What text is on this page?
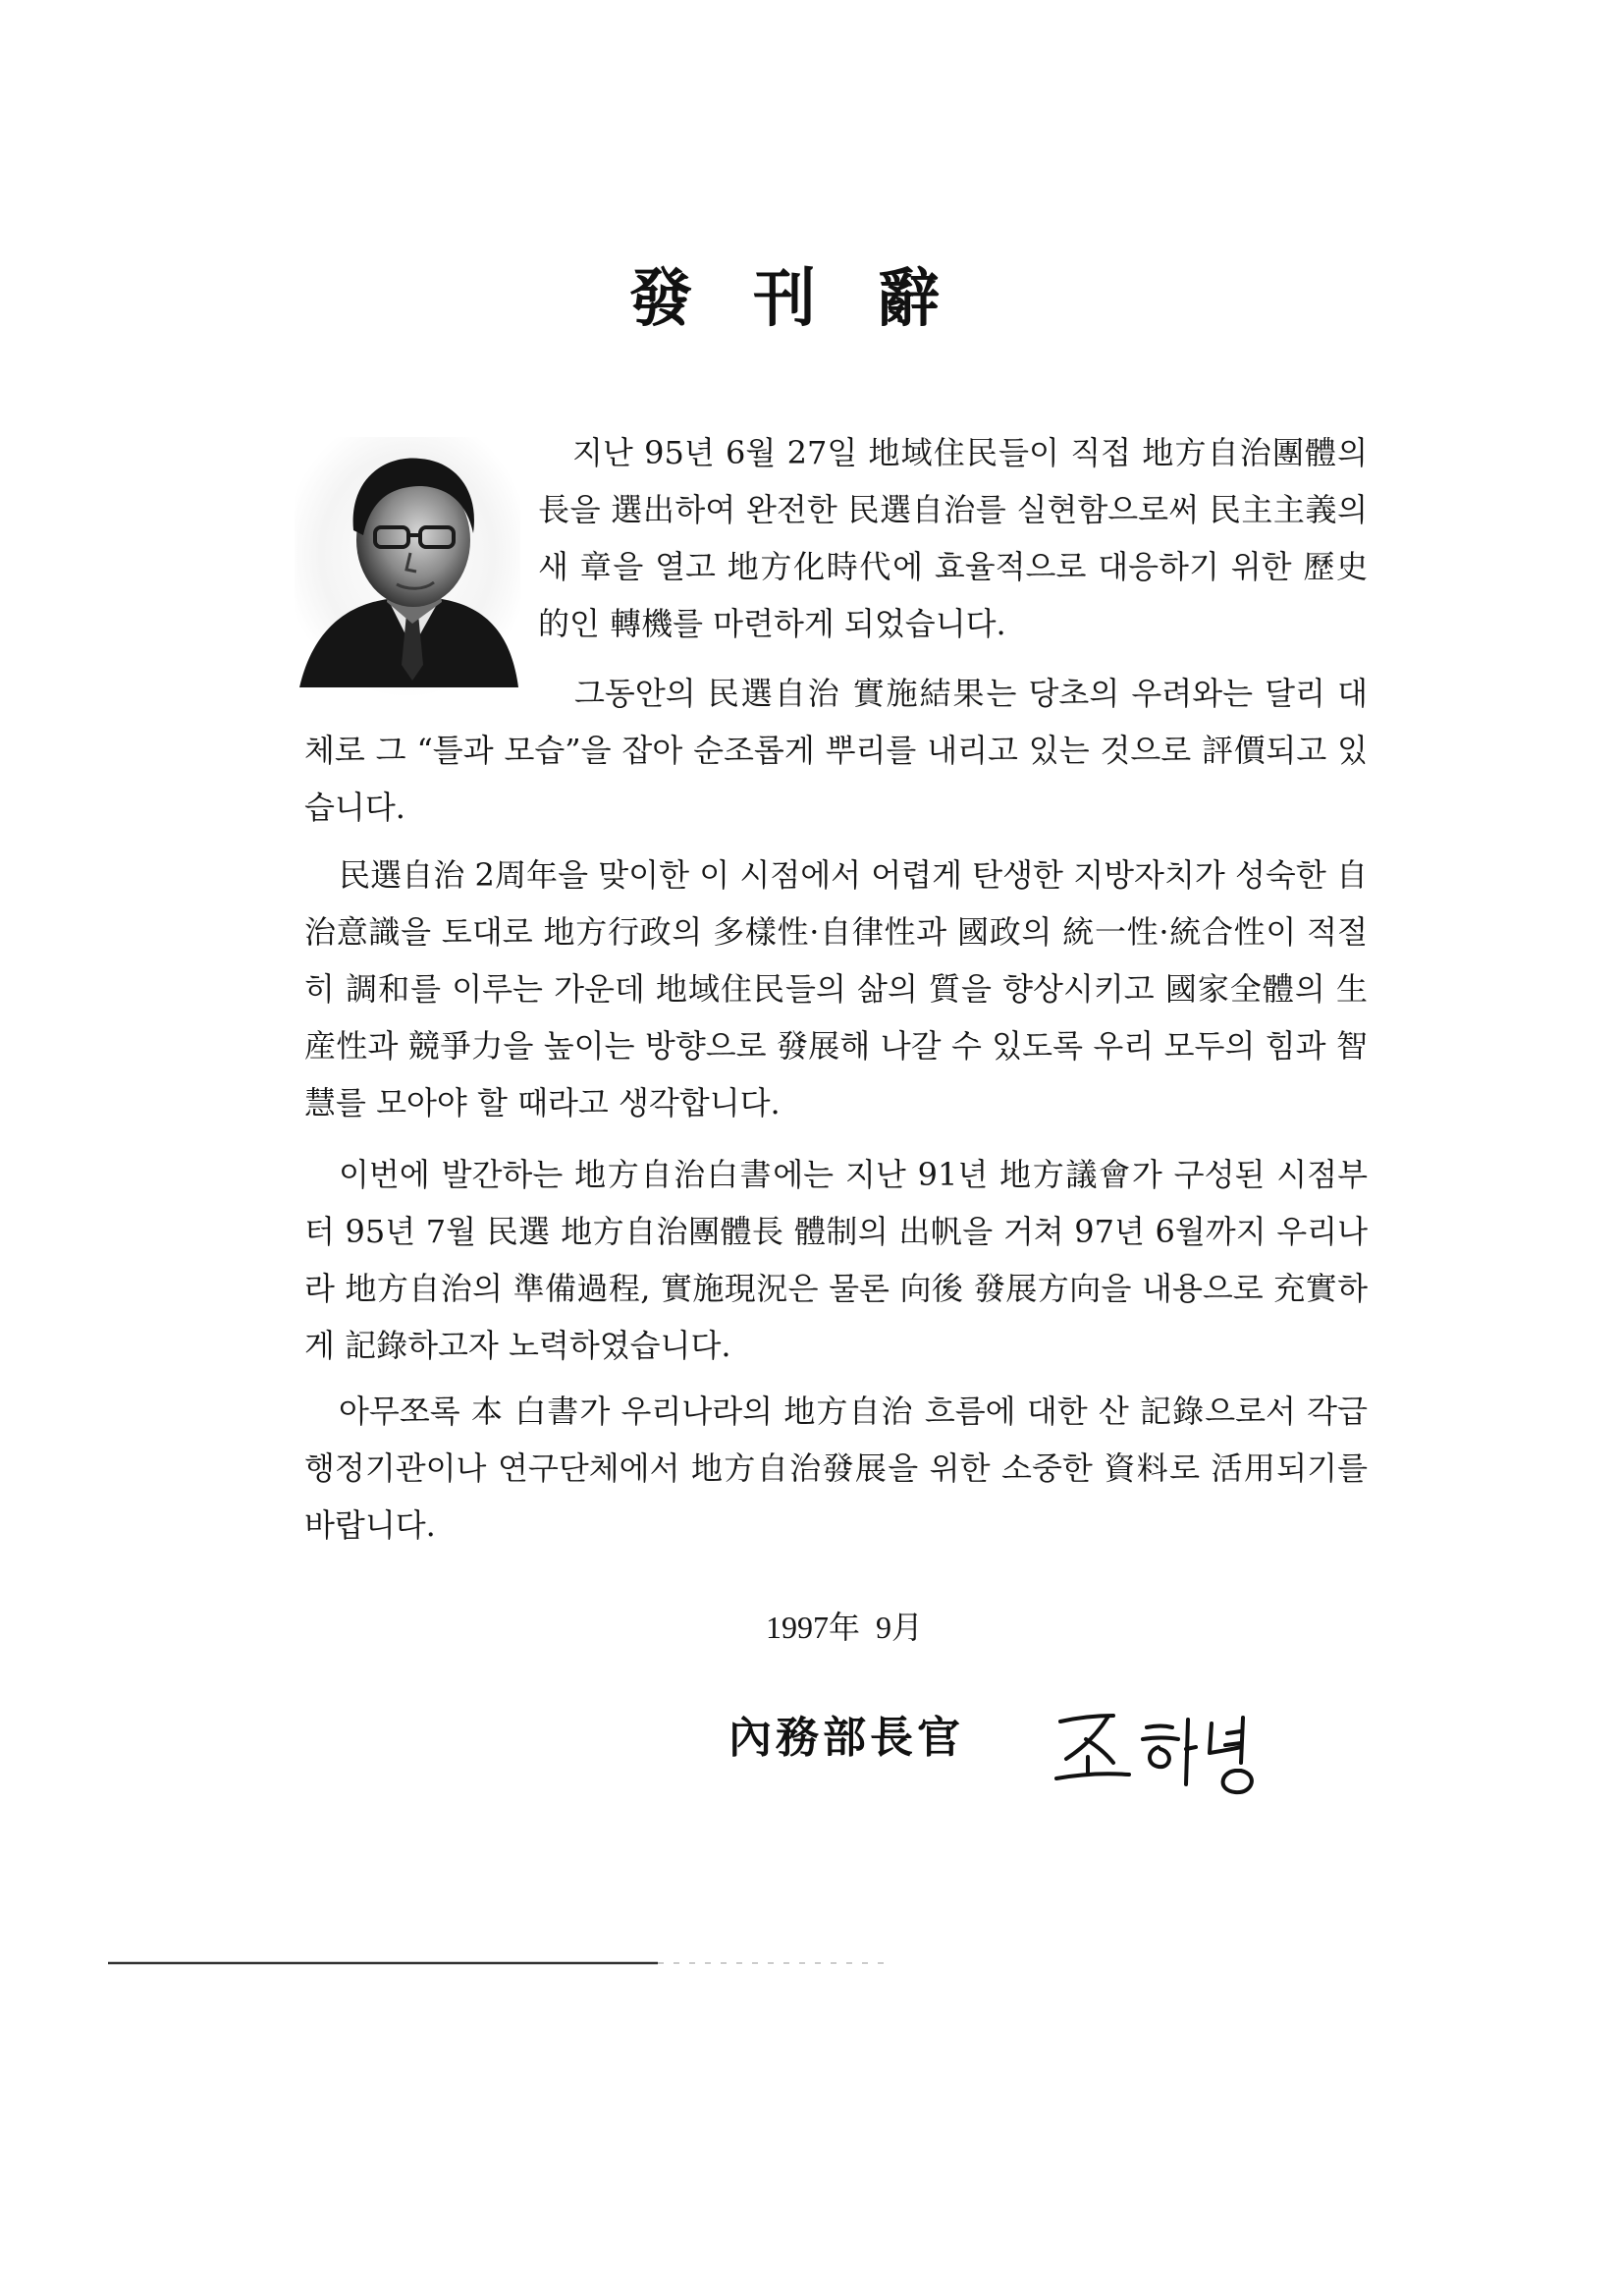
發刊辭
지난 95년 6월 27일 地域住民들이 직접 地方自治團體의 長을 選出하여 완전한 民選自治를 실현함으로써 民主主義의 새 章을 열고 地方化時代에 효율적으로 대응하기 위한 歷史的인 轉機를 마련하게 되었습니다.
그동안의 民選自治 實施結果는 당초의 우려와는 달리 대체로 그 “틀과 모습”을 잡아 순조롭게 뿌리를 내리고 있는 것으로 評價되고 있습니다.
民選自治 2周年을 맞이한 이 시점에서 어렵게 탄생한 지방자치가 성숙한 自治意識을 토대로 地方行政의 多樣性·自律性과 國政의 統一性·統合性이 적절히 調和를 이루는 가운데 地域住民들의 삶의 質을 향상시키고 國家全體의 生産性과 競爭力을 높이는 방향으로 發展해 나갈 수 있도록 우리 모두의 힘과 智慧를 모아야 할 때라고 생각합니다.
이번에 발간하는 地方自治白書에는 지난 91년 地方議會가 구성된 시점부터 95년 7월 民選 地方自治團體長 體制의 出帆을 거쳐 97년 6월까지 우리나라 地方自治의 準備過程, 實施現況은 물론 向後 發展方向을 내용으로 充實하게 記錄하고자 노력하였습니다.
아무쪼록 本 白書가 우리나라의 地方自治 흐름에 대한 산 記錄으로서 각급 행정기관이나 연구단체에서 地方自治發展을 위한 소중한 資料로 活用되기를 바랍니다.
1997年  9月
內務部長官
